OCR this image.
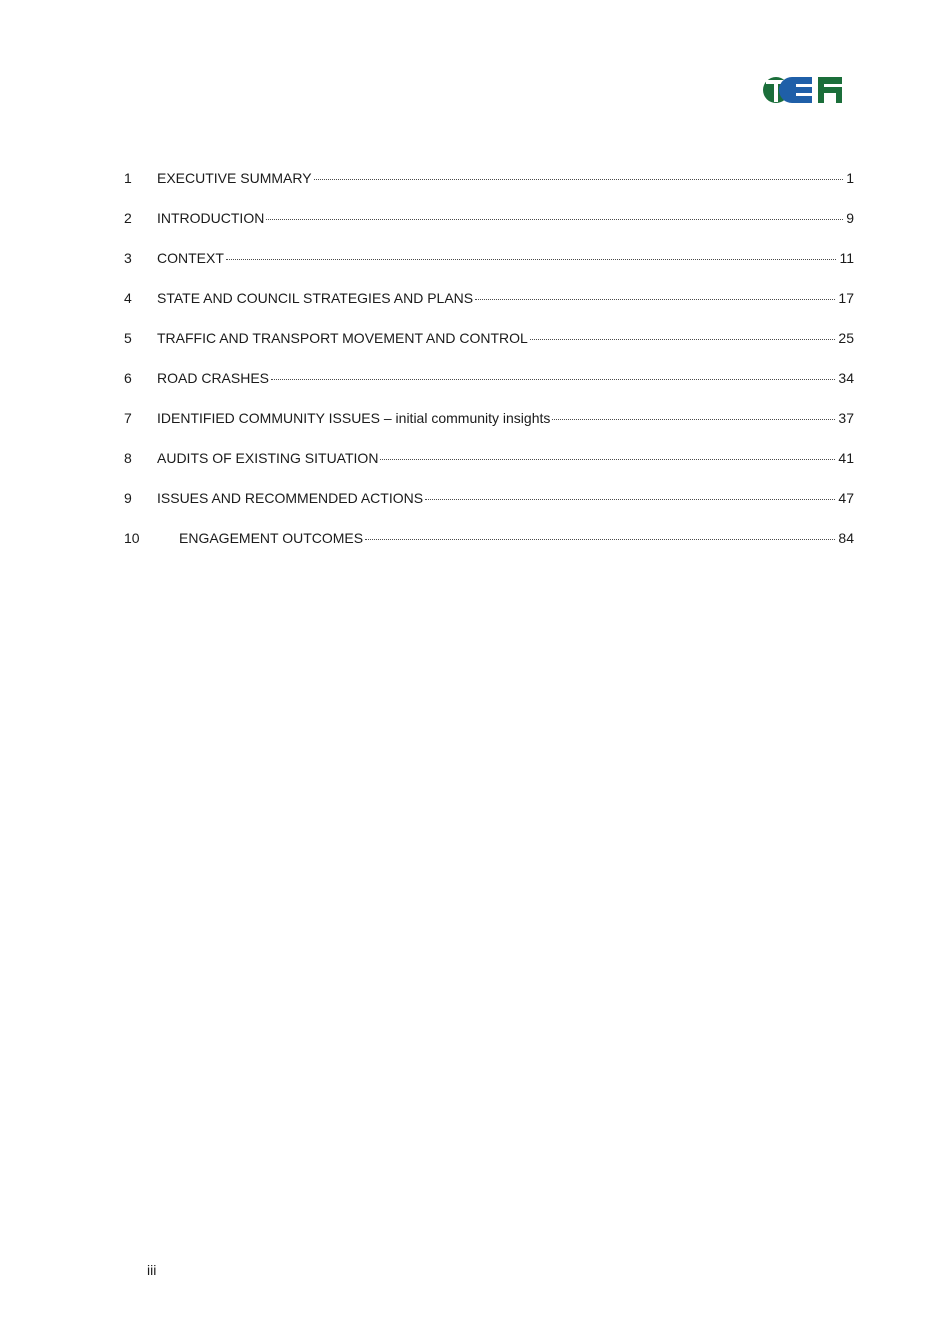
1	EXECUTIVE SUMMARY	1
2	INTRODUCTION	9
3	CONTEXT	11
4	STATE AND COUNCIL STRATEGIES AND PLANS	17
5	TRAFFIC AND TRANSPORT MOVEMENT AND CONTROL	25
6	ROAD CRASHES	34
7	IDENTIFIED COMMUNITY ISSUES – initial community insights	37
8	AUDITS OF EXISTING SITUATION	41
9	ISSUES AND RECOMMENDED ACTIONS	47
10	ENGAGEMENT OUTCOMES	84
iii
